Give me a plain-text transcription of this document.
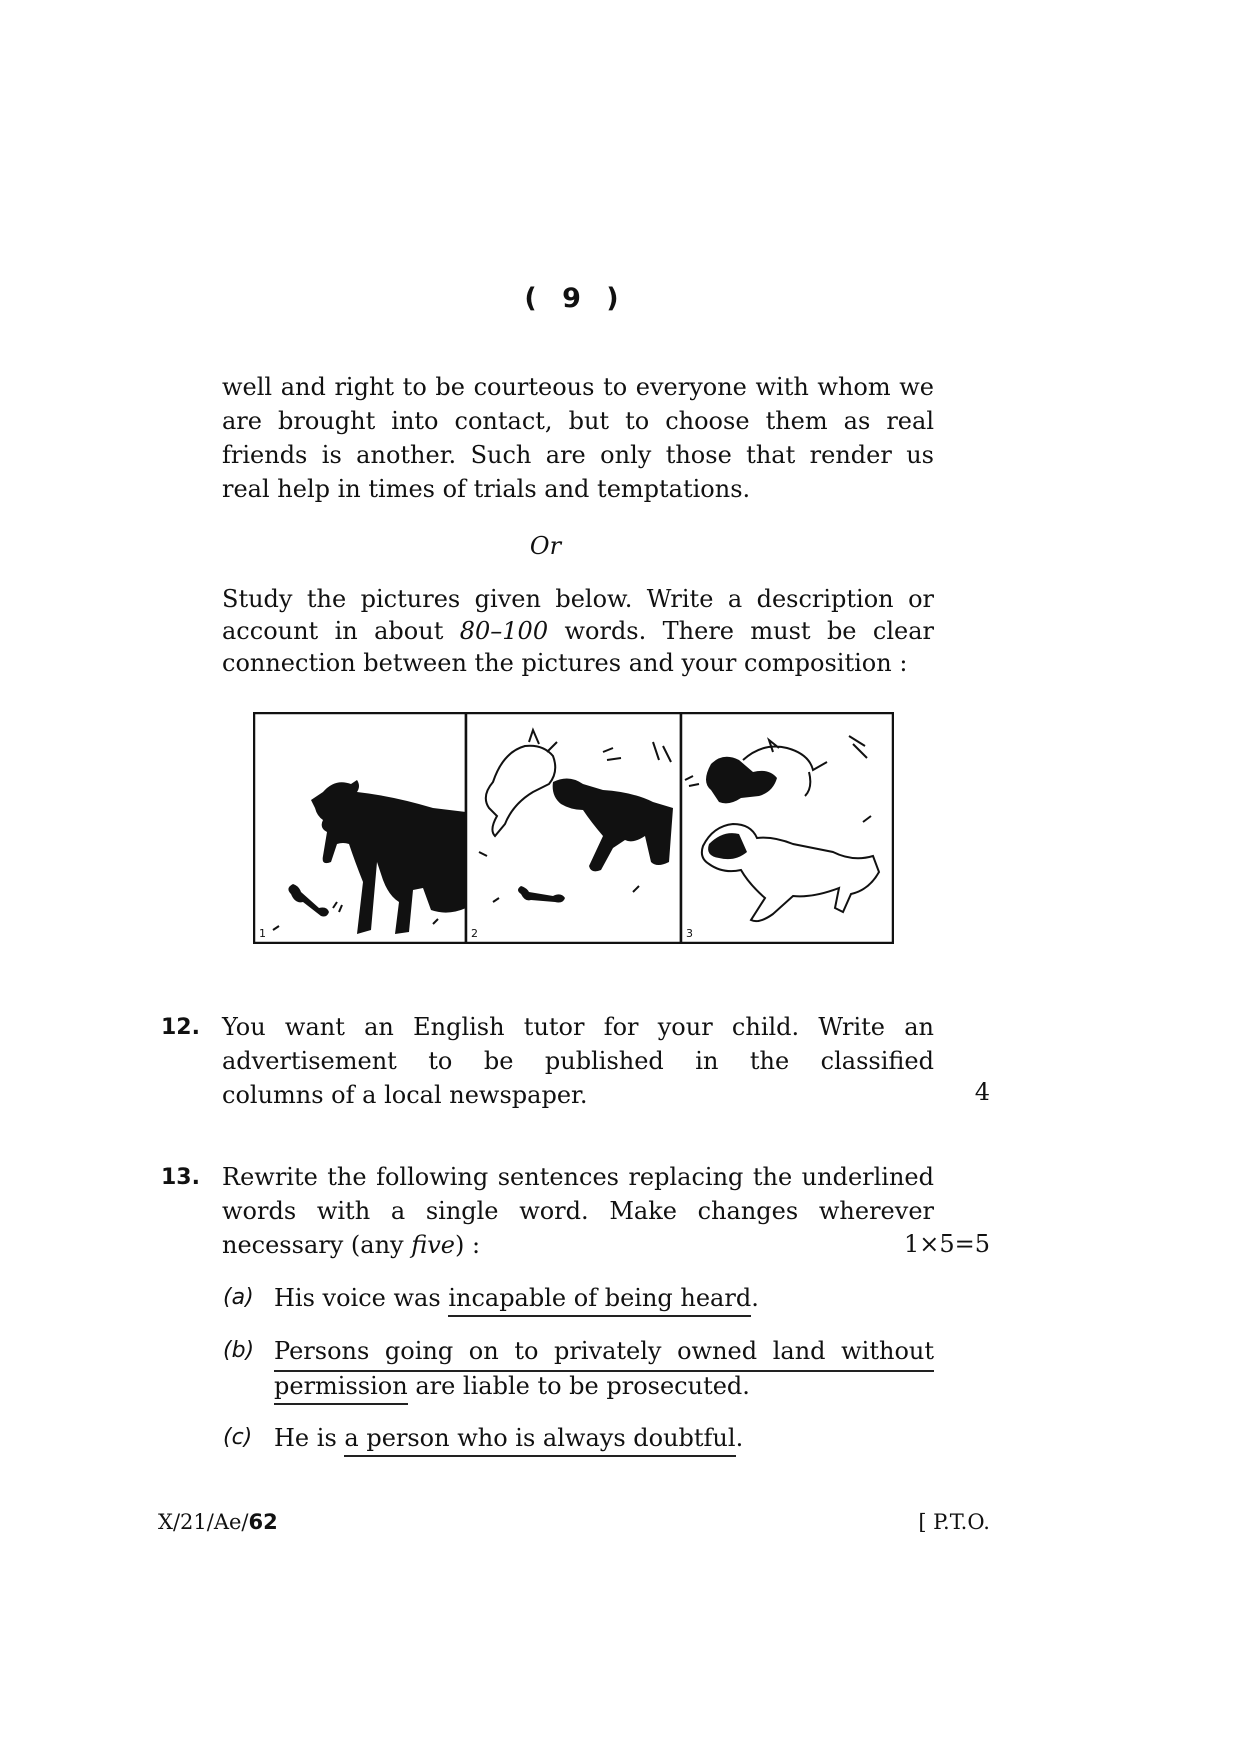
( 9 )
well and right to be courteous to everyone with whom we
are brought into contact, but to choose them as real
friends is another. Such are only those that render us
real help in times of trials and temptations.
Or
Study the pictures given below. Write a description or
account in about 80–100 words. There must be clear
connection between the pictures and your composition :
1	2	3
12. You want an English tutor for your child. Write an
advertisement to be published in the classified
columns of a local newspaper.	4
13. Rewrite the following sentences replacing the underlined
words with a single word. Make changes wherever
necessary (any five) :	1×5=5
(a) His voice was incapable of being heard.
(b) Persons going on to privately owned land without
permission are liable to be prosecuted.
(c) He is a person who is always doubtful.
X/21/Ae/62	[ P.T.O.
